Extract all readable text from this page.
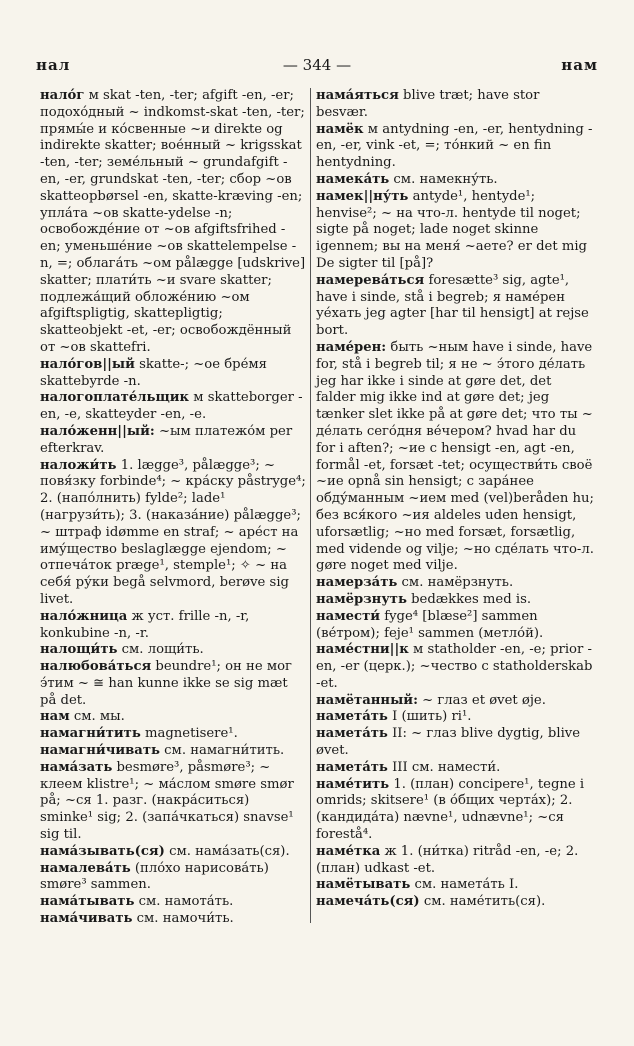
нал	— 344 —	нам
нало́г м skat -ten, -ter; afgift -en, -er; подохо́дный ~ indkomst-skat -ten, -ter; прямы́е и ко́свенные ~и direkte og indirekte skatter; вое́нный ~ krigsskat -ten, -ter; земе́льный ~ grundafgift -en, -er, grundskat -ten, -ter; сбор ~ов skatteopbørsel -en, skatte-kræving -en; упла́та ~ов skatte-ydelse -n; освобожде́ние от ~ов afgiftsfrihed -en; уменьше́ние ~ов skattelempelse -n, =; облага́ть ~ом pålægge [udskrive] skatter; плати́ть ~и svare skatter; подлежа́щий обложе́нию ~ом afgiftspligtig, skattepligtig; skatteobjekt -et, -er; освобождённый от ~ов skattefri.
нало́гов||ый skatte-; ~ое бре́мя skattebyrde -n.
налогоплате́льщик м skatteborger -en, -e, skatteyder -en, -e.
нало́женн||ый: ~ым платежо́м per efterkrav.
наложи́ть 1. lægge³, pålægge³; ~ повя́зку forbinde⁴; ~ кра́ску påstryge⁴; 2. (напо́лнить) fylde²; lade¹ (нагрузи́ть); 3. (наказа́ние) pålægge³; ~ штраф idømme en straf; ~ аре́ст на иму́щество beslaglægge ejendom; ~ отпеча́ток præge¹, stemple¹; ✧ ~ на себя́ ру́ки begå selvmord, berøve sig livet.
нало́жница ж уст. frille -n, -r, konkubine -n, -r.
налощи́ть см. лощи́ть.
налюбова́ться beundre¹; он не мог э́тим ~ ≅ han kunne ikke se sig mæt på det.
нам см. мы.
намагни́тить magnetisere¹.
намагни́чивать см. намагни́тить.
нама́зать besmøre³, påsmøre³; ~ клеем klistre¹; ~ ма́слом smøre smør på; ~ся 1. разг. (накра́ситься) sminke¹ sig; 2. (запа́чкаться) snavse¹ sig til.
нама́зывать(ся) см. нама́зать(ся).
намалева́ть (пло́хо нарисова́ть) smøre³ sammen.
нама́тывать см. намота́ть.
нама́чивать см. намочи́ть.
нама́яться blive træt; have stor besvær.
намёк м antydning -en, -er, hentydning -en, -er, vink -et, =; то́нкий ~ en fin hentydning.
намека́ть см. намекну́ть.
намек||ну́ть antyde¹, hentyde¹; henvise²; ~ на что-л. hentyde til noget; sigte på noget; lade noget skinne igennem; вы на меня́ ~аете? er det mig De sigter til [på]?
намерева́ться foresætte³ sig, agte¹, have i sinde, stå i begreb; я наме́рен уе́хать jeg agter [har til hensigt] at rejse bort.
наме́рен: быть ~ным have i sinde, have for, stå i begreb til; я не ~ э́того де́лать jeg har ikke i sinde at gøre det, det falder mig ikke ind at gøre det; jeg tænker slet ikke på at gøre det; что ты ~ де́лать сего́дня ве́чером? hvad har du for i aften?; ~ие с hensigt -en, agt -en, formål -et, forsæt -tet; осуществи́ть своё ~ие opnå sin hensigt; с зара́нее обду́манным ~ием med (vel)beråden hu; без вся́кого ~ия aldeles uden hensigt, uforsætlig; ~но med forsæt, forsætlig, med vidende og vilje; ~но сде́лать что-л. gøre noget med vilje.
намерза́ть см. намёрзнуть.
намёрзнуть bedækkes med is.
намести́ fyge⁴ [blæse²] sammen (ве́тром); feje¹ sammen (метло́й).
наме́стни||к м statholder -en, -e; prior -en, -er (церк.); ~чество с statholderskab -et.
намётанный: ~ глаз et øvet øje.
намета́ть I (шить) ri¹.
намета́ть II: ~ глаз blive dygtig, blive øvet.
намета́ть III см. намести́.
наме́тить 1. (план) concipere¹, tegne i omrids; skitsere¹ (в о́бщих черта́х); 2. (кандида́та) nævne¹, udnævne¹; ~ся forestå⁴.
наме́тка ж 1. (ни́тка) ritråd -en, -e; 2. (план) udkast -et.
намётывать см. намета́ть I.
намеча́ть(ся) см. наме́тить(ся).
